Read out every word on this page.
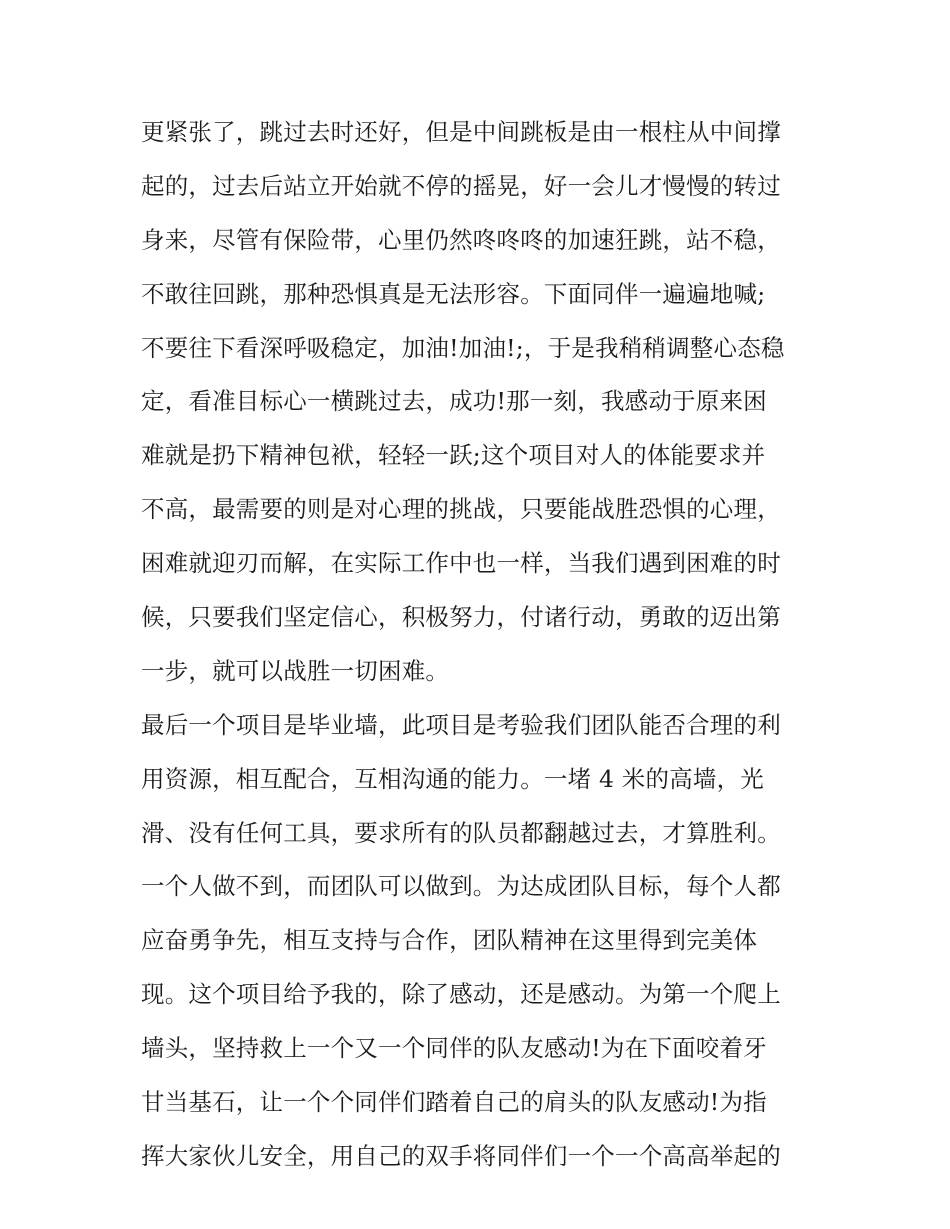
更紧张了，跳过去时还好，但是中间跳板是由一根柱从中间撑
起的，过去后站立开始就不停的摇晃，好一会儿才慢慢的转过
身来，尽管有保险带，心里仍然咚咚咚的加速狂跳，站不稳，
不敢往回跳，那种恐惧真是无法形容。下面同伴一遍遍地喊;
不要往下看深呼吸稳定，加油!加油!;，于是我稍稍调整心态稳
定，看准目标心一横跳过去，成功!那一刻，我感动于原来困
难就是扔下精神包袱，轻轻一跃;这个项目对人的体能要求并
不高，最需要的则是对心理的挑战，只要能战胜恐惧的心理，
困难就迎刃而解，在实际工作中也一样，当我们遇到困难的时
候，只要我们坚定信心，积极努力，付诸行动，勇敢的迈出第
一步，就可以战胜一切困难。
最后一个项目是毕业墙，此项目是考验我们团队能否合理的利
用资源，相互配合，互相沟通的能力。一堵 4 米的高墙，光
滑、没有任何工具，要求所有的队员都翻越过去，才算胜利。
一个人做不到，而团队可以做到。为达成团队目标，每个人都
应奋勇争先，相互支持与合作，团队精神在这里得到完美体
现。这个项目给予我的，除了感动，还是感动。为第一个爬上
墙头，坚持救上一个又一个同伴的队友感动!为在下面咬着牙
甘当基石，让一个个同伴们踏着自己的肩头的队友感动!为指
挥大家伙儿安全，用自己的双手将同伴们一个一个高高举起的
